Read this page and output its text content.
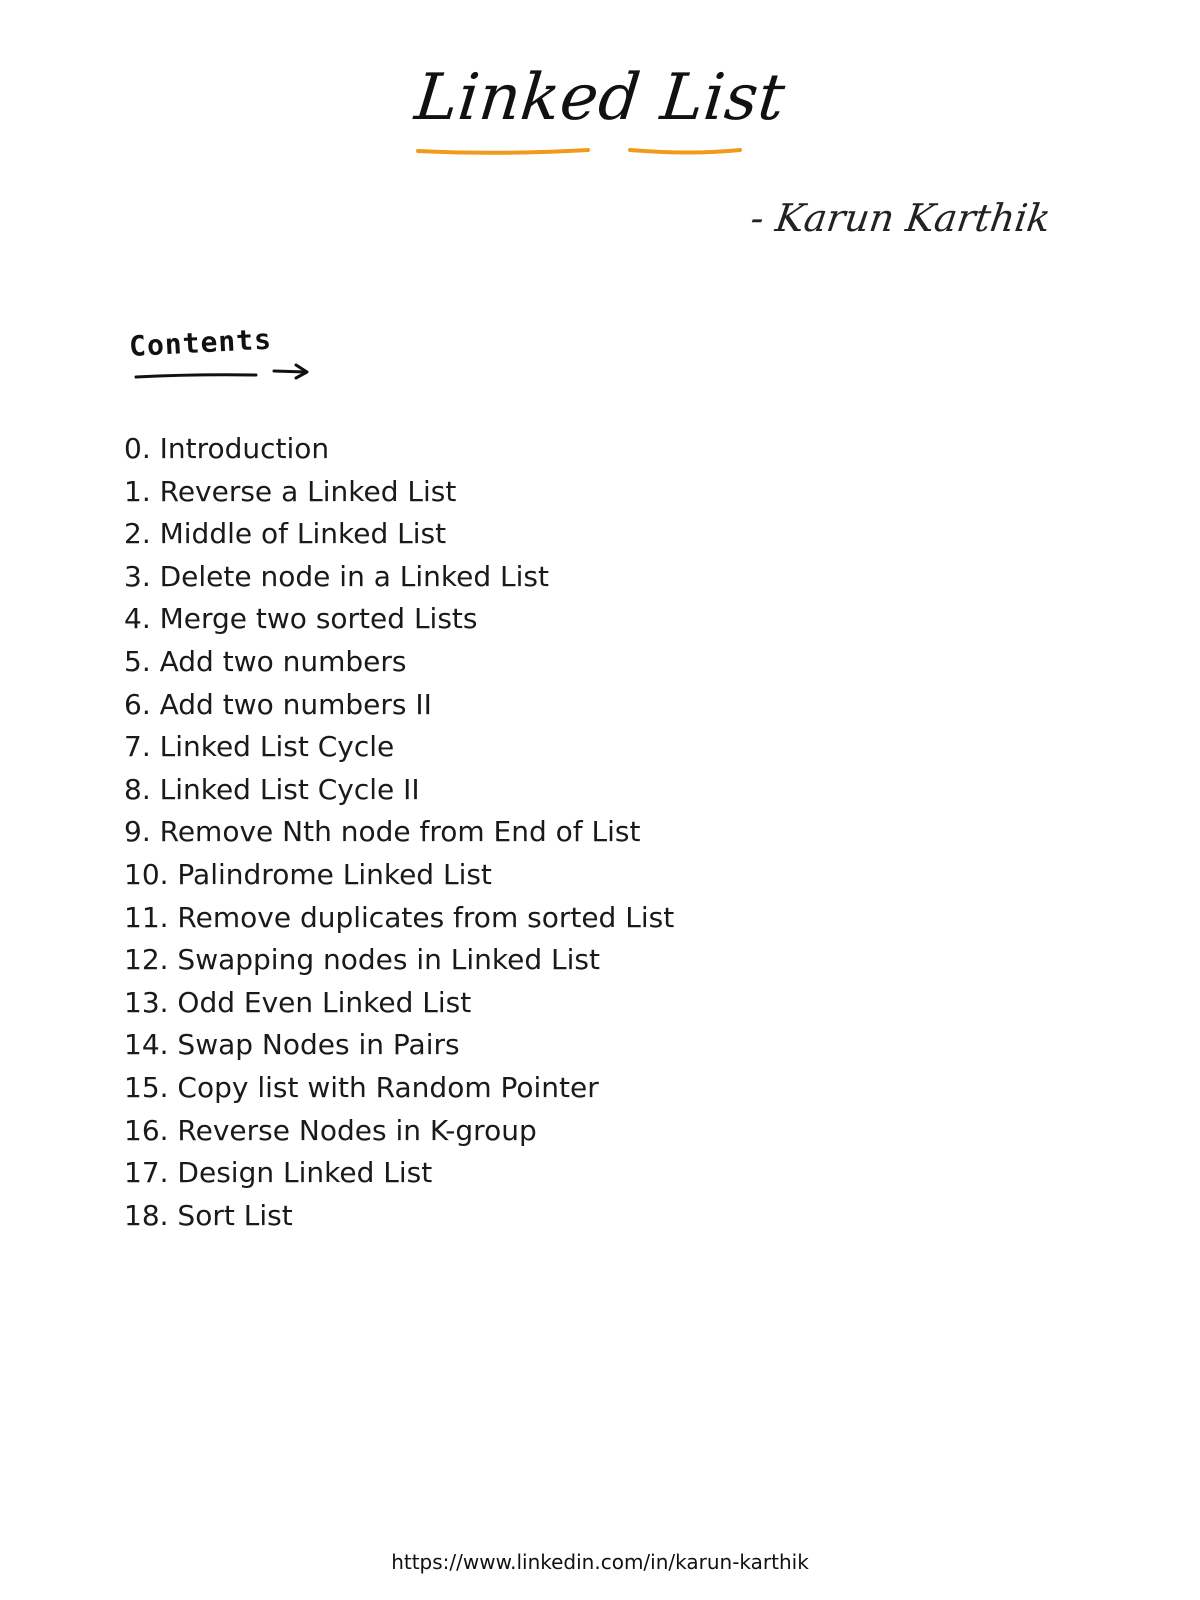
Linked List
- Karun Karthik
Contents
0. Introduction
1. Reverse a Linked List
2. Middle of Linked List
3. Delete node in a Linked List
4. Merge two sorted Lists
5. Add two numbers
6. Add two numbers II
7. Linked List Cycle
8. Linked List Cycle II
9. Remove Nth node from End of List
10. Palindrome Linked List
11. Remove duplicates from sorted List
12. Swapping nodes in Linked List
13. Odd Even Linked List
14. Swap Nodes in Pairs
15. Copy list with Random Pointer
16. Reverse Nodes in K-group
17. Design Linked List
18. Sort List
https://www.linkedin.com/in/karun-karthik
